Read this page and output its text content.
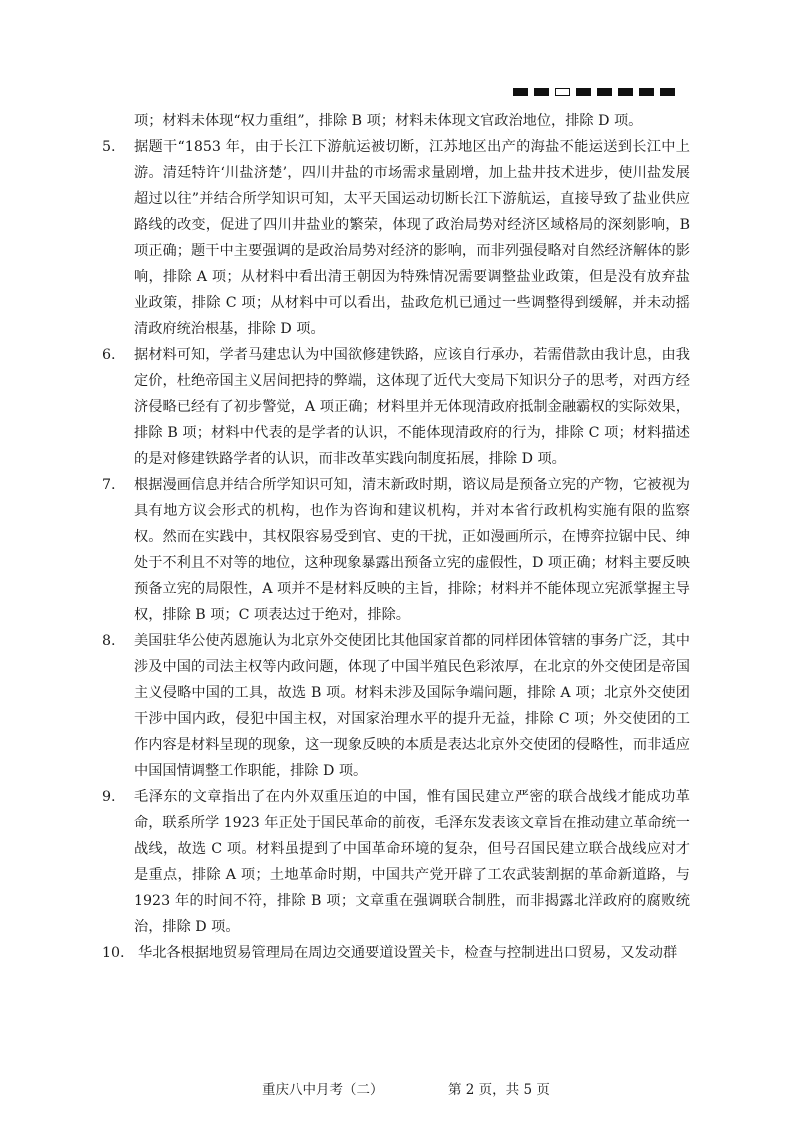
项；材料未体现“权力重组”，排除 B 项；材料未体现文官政治地位，排除 D 项。

5.	据题干“1853 年，由于长江下游航运被切断，江苏地区出产的海盐不能运送到长江中上游。清廷特许‘川盐济楚’，四川井盐的市场需求量剧增，加上盐井技术进步，使川盐发展超过以往”并结合所学知识可知，太平天国运动切断长江下游航运，直接导致了盐业供应路线的改变，促进了四川井盐业的繁荣，体现了政治局势对经济区域格局的深刻影响，B 项正确；题干中主要强调的是政治局势对经济的影响，而非列强侵略对自然经济解体的影响，排除 A 项；从材料中看出清王朝因为特殊情况需要调整盐业政策，但是没有放弃盐业政策，排除 C 项；从材料中可以看出，盐政危机已通过一些调整得到缓解，并未动摇清政府统治根基，排除 D 项。

6.	据材料可知，学者马建忠认为中国欲修建铁路，应该自行承办，若需借款由我计息，由我定价，杜绝帝国主义居间把持的弊端，这体现了近代大变局下知识分子的思考，对西方经济侵略已经有了初步警觉，A 项正确；材料里并无体现清政府抵制金融霸权的实际效果，排除 B 项；材料中代表的是学者的认识，不能体现清政府的行为，排除 C 项；材料描述的是对修建铁路学者的认识，而非改革实践向制度拓展，排除 D 项。

7.	根据漫画信息并结合所学知识可知，清末新政时期，谘议局是预备立宪的产物，它被视为具有地方议会形式的机构，也作为咨询和建议机构，并对本省行政机构实施有限的监察权。然而在实践中，其权限容易受到官、吏的干扰，正如漫画所示，在博弈拉锯中民、绅处于不利且不对等的地位，这种现象暴露出预备立宪的虚假性，D 项正确；材料主要反映预备立宪的局限性，A 项并不是材料反映的主旨，排除；材料并不能体现立宪派掌握主导权，排除 B 项；C 项表达过于绝对，排除。

8.	美国驻华公使芮恩施认为北京外交使团比其他国家首都的同样团体管辖的事务广泛，其中涉及中国的司法主权等内政问题，体现了中国半殖民色彩浓厚，在北京的外交使团是帝国主义侵略中国的工具，故选 B 项。材料未涉及国际争端问题，排除 A 项；北京外交使团干涉中国内政，侵犯中国主权，对国家治理水平的提升无益，排除 C 项；外交使团的工作内容是材料呈现的现象，这一现象反映的本质是表达北京外交使团的侵略性，而非适应中国国情调整工作职能，排除 D 项。

9.	毛泽东的文章指出了在内外双重压迫的中国，惟有国民建立严密的联合战线才能成功革命，联系所学 1923 年正处于国民革命的前夜，毛泽东发表该文章旨在推动建立革命统一战线，故选 C 项。材料虽提到了中国革命环境的复杂，但号召国民建立联合战线应对才是重点，排除 A 项；土地革命时期，中国共产党开辟了工农武装割据的革命新道路，与 1923 年的时间不符，排除 B 项；文章重在强调联合制胜，而非揭露北洋政府的腐败统治，排除 D 项。

10. 华北各根据地贸易管理局在周边交通要道设置关卡，检查与控制进出口贸易，又发动群

重庆八中月考（二）	第 2 页，共 5 页
